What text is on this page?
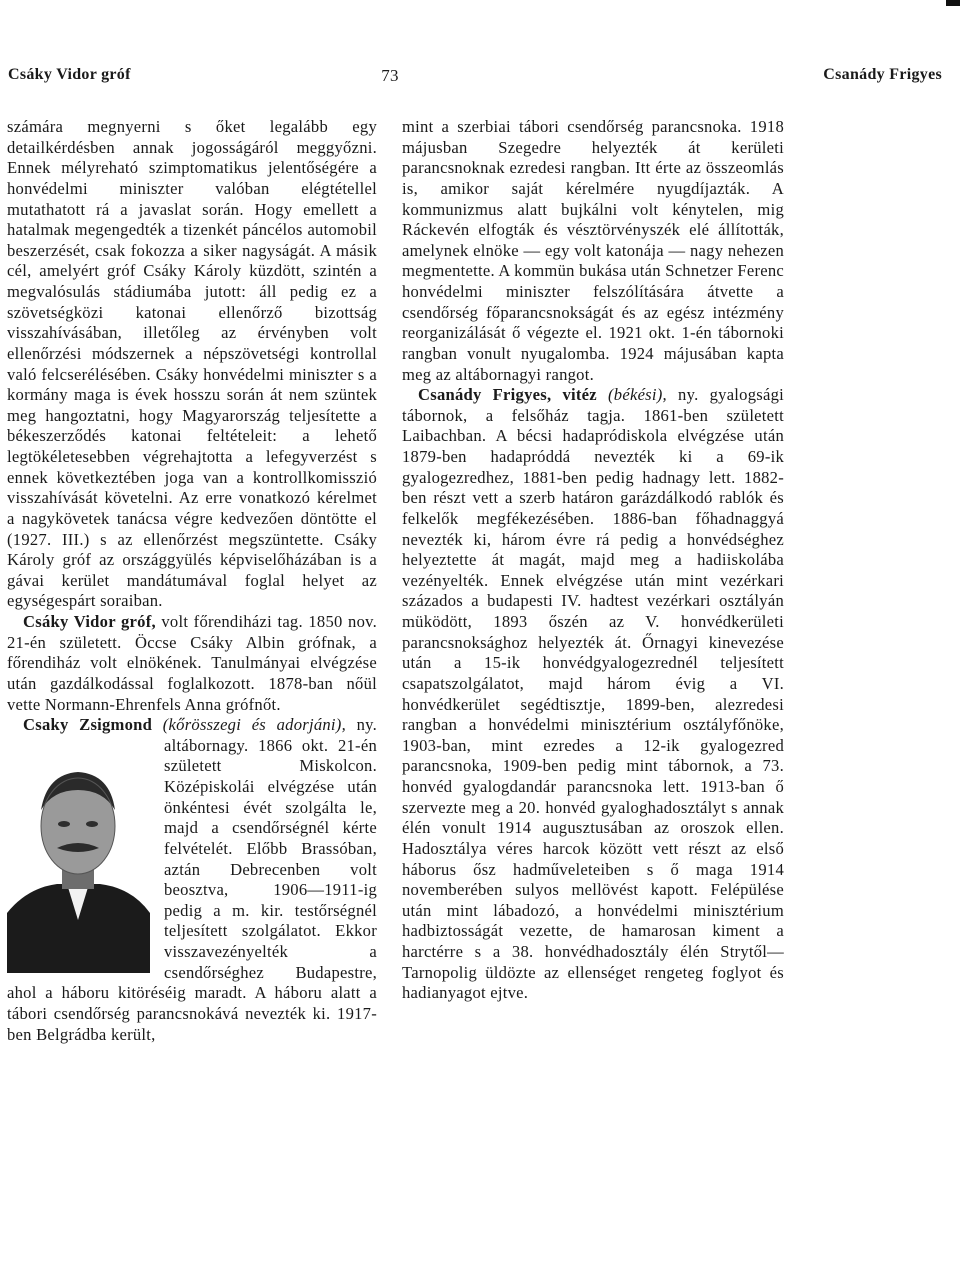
Csáky Vidor gróf	73	Csanády Frigyes

számára megnyerni s őket legalább egy detailkérdésben annak jogosságáról meggyőzni. Ennek mélyreható szimptomatikus jelentőségére a honvédelmi miniszter valóban elégtétellel mutathatott rá a javaslat során. Hogy emellett a hatalmak megengedték a tizenkét páncélos automobil beszerzését, csak fokozza a siker nagyságát. A másik cél, amelyért gróf Csáky Károly küzdött, szintén a megvalósulás stádiumába jutott: áll pedig ez a szövetségközi katonai ellenőrző bizottság visszahívásában, illetőleg az érvényben volt ellenőrzési módszernek a népszövetségi kontrollal való felcserélésében. Csáky honvédelmi miniszter s a kormány maga is évek hosszu során át nem szüntek meg hangoztatni, hogy Magyarország teljesítette a békeszerződés katonai feltételeit: a lehető legtökéletesebben végrehajtotta a lefegyverzést s ennek következtében joga van a kontrollkomisszió visszahívását követelni. Az erre vonatkozó kérelmet a nagykövetek tanácsa végre kedvezően döntötte el (1927. III.) s az ellenőrzést megszüntette. Csáky Károly gróf az országgyülés képviselőházában is a gávai kerület mandátumával foglal helyet az egységespárt soraiban.

Csáky Vidor gróf, volt főrendiházi tag. 1850 nov. 21-én született. Öccse Csáky Albin grófnak, a főrendiház volt elnökének. Tanulmányai elvégzése után gazdálkodással foglalkozott. 1878-ban nőül vette Normann-Ehrenfels Anna grófnőt.

Csaky Zsigmond (kőrösszegi és adorjáni),
ny. altábornagy. 1866 okt. 21-én született Miskolcon. Középiskolái elvégzése után önkéntesi évét szolgálta le, majd a csendőrségnél kérte felvételét. Előbb Brassóban, aztán Debrecenben volt beosztva, 1906—1911-ig pedig a m. kir. testőrségnél teljesített szolgálatot. Ekkor visszavezényelték a csendőrséghez Budapestre, ahol a háboru kitöréséig maradt. A háboru alatt a tábori csendőrség parancsnokává nevezték ki. 1917-ben Belgrádba került,

mint a szerbiai tábori csendőrség parancsnoka. 1918 májusban Szegedre helyezték át kerületi parancsnoknak ezredesi rangban. Itt érte az összeomlás is, amikor saját kérelmére nyugdíjazták. A kommunizmus alatt bujkálni volt kénytelen, mig Ráckevén elfogták és vésztörvényszék elé állították, amelynek elnöke — egy volt katonája — nagy nehezen megmentette. A kommün bukása után Schnetzer Ferenc honvédelmi miniszter felszólítására átvette a csendőrség főparancsnokságát és az egész intézmény reorganizálását ő végezte el. 1921 okt. 1-én tábornoki rangban vonult nyugalomba. 1924 májusában kapta meg az altábornagyi rangot.

Csanády Frigyes, vitéz (békési), ny. gyalogsági tábornok, a felsőház tagja. 1861-ben született Laibachban. A bécsi hadapródiskola elvégzése után 1879-ben hadapróddá nevezték ki a 69-ik gyalogezredhez, 1881-ben pedig hadnagy lett. 1882-ben részt vett a szerb határon garázdálkodó rablók és felkelők megfékezésében. 1886-ban főhadnaggyá nevezték ki, három évre rá pedig a honvédséghez helyeztette át magát, majd meg a hadiiskolába vezényelték. Ennek elvégzése után mint vezérkari százados a budapesti IV. hadtest vezérkari osztályán müködött, 1893 őszén az V. honvédkerületi parancsnoksághoz helyezték át. Őrnagyi kinevezése után a 15-ik honvédgyalogezrednél teljesített csapatszolgálatot, majd három évig a VI. honvédkerület segédtisztje, 1899-ben, alezredesi rangban a honvédelmi minisztérium osztályfőnöke, 1903-ban, mint ezredes a 12-ik gyalogezred parancsnoka, 1909-ben pedig mint tábornok, a 73. honvéd gyalogdandár parancsnoka lett. 1913-ban ő szervezte meg a 20. honvéd gyaloghadosztályt s annak élén vonult 1914 augusztusában az oroszok ellen. Hadosztálya véres harcok között vett részt az első háborus ősz hadműveleteiben s ő maga 1914 novemberében sulyos mellövést kapott. Felépülése után mint lábadozó, a honvédelmi minisztérium hadbiztosságát vezette, de hamarosan kiment a harctérre s a 38. honvédhadosztály élén Strytől—Tarnopolig üldözte az ellenséget rengeteg foglyot és hadianyagot ejtve.
